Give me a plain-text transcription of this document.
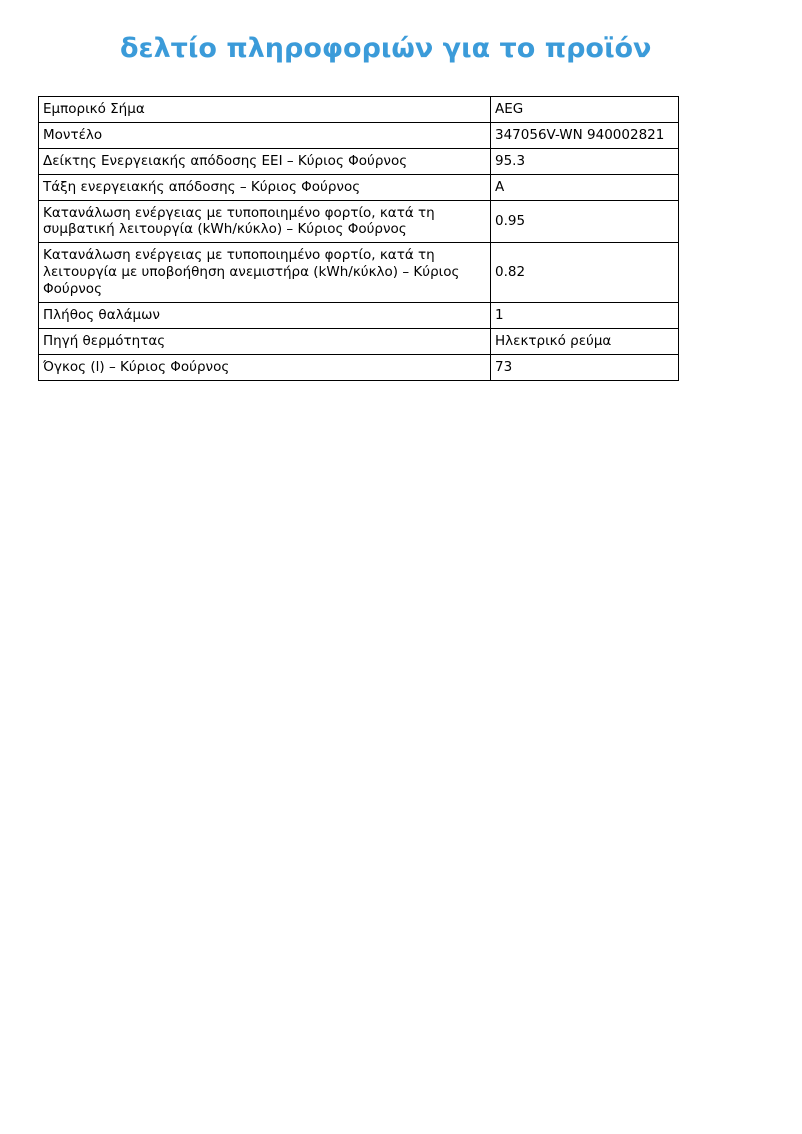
δελτίο πληροφοριών για το προϊόν
Εμπορικό Σήμα	AEG
Μοντέλο	347056V-WN 940002821
Δείκτης Ενεργειακής απόδοσης EEI – Κύριος Φούρνος	95.3
Τάξη ενεργειακής απόδοσης – Κύριος Φούρνος	A
Κατανάλωση ενέργειας με τυποποιημένο φορτίο, κατά τη συμβατική λειτουργία (kWh/κύκλο) – Κύριος Φούρνος	0.95
Κατανάλωση ενέργειας με τυποποιημένο φορτίο, κατά τη λειτουργία με υποβοήθηση ανεμιστήρα (kWh/κύκλο) – Κύριος Φούρνος	0.82
Πλήθος θαλάμων	1
Πηγή θερμότητας	Ηλεκτρικό ρεύμα
Όγκος (l) – Κύριος Φούρνος	73
